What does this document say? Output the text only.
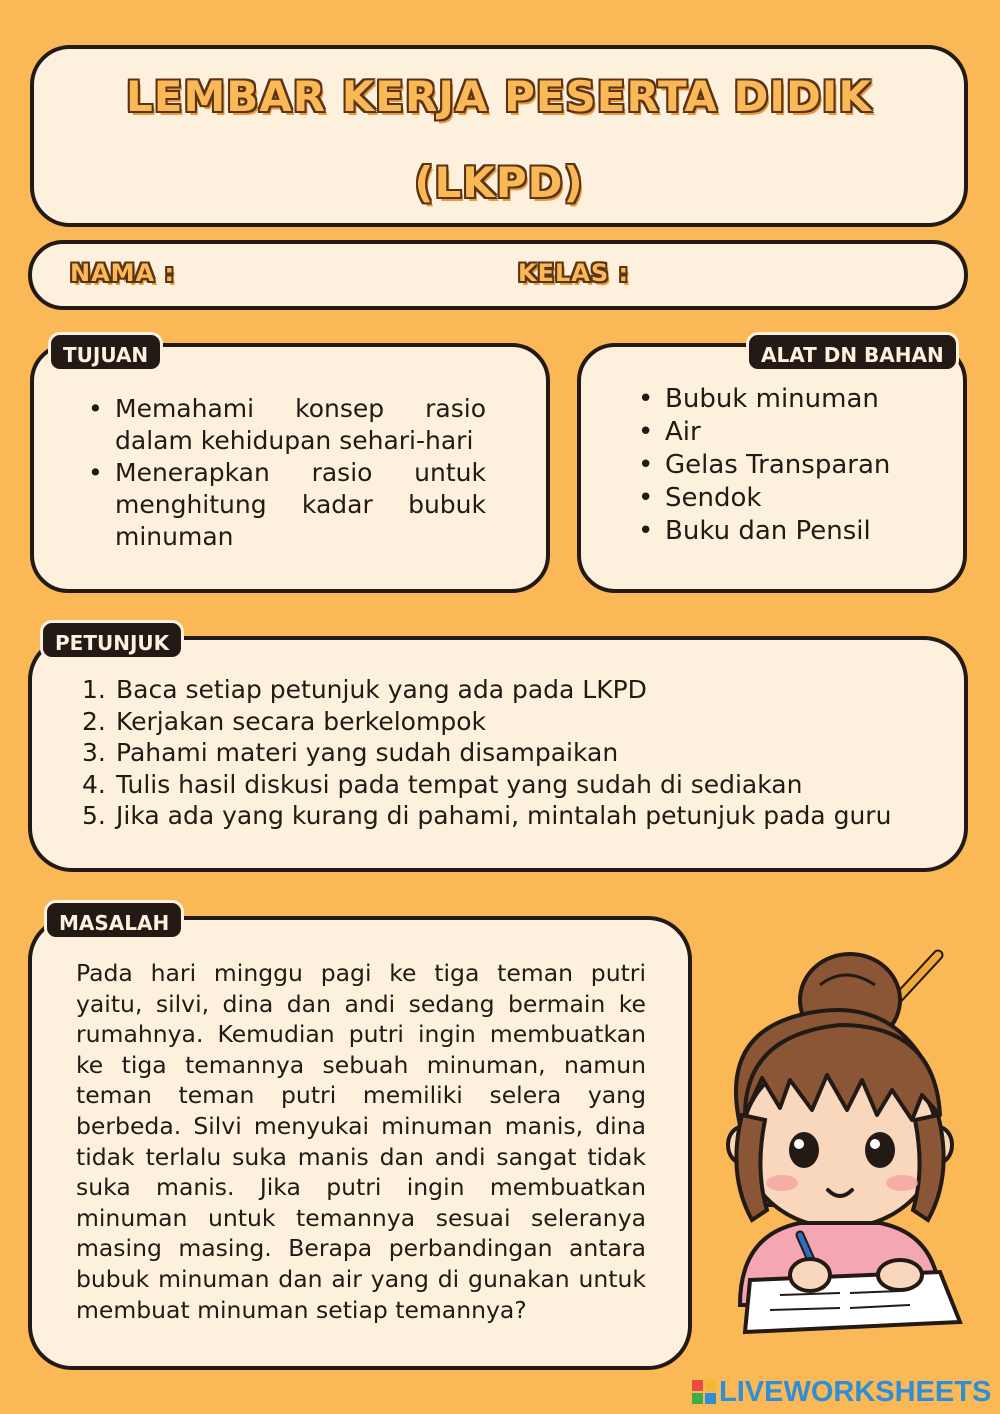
LEMBAR KERJA PESERTA DIDIK
(LKPD)
NAMA :	KELAS :
TUJUAN
• Memahami konsep rasio dalam kehidupan sehari-hari
• Menerapkan rasio untuk menghitung kadar bubuk minuman
ALAT DN BAHAN
• Bubuk minuman
• Air
• Gelas Transparan
• Sendok
• Buku dan Pensil
PETUNJUK
1. Baca setiap petunjuk yang ada pada LKPD
2. Kerjakan secara berkelompok
3. Pahami materi yang sudah disampaikan
4. Tulis hasil diskusi pada tempat yang sudah di sediakan
5. Jika ada yang kurang di pahami, mintalah petunjuk pada guru
MASALAH
Pada hari minggu pagi ke tiga teman putri yaitu, silvi, dina dan andi sedang bermain ke rumahnya. Kemudian putri ingin membuatkan ke tiga temannya sebuah minuman, namun teman teman putri memiliki selera yang berbeda. Silvi menyukai minuman manis, dina tidak terlalu suka manis dan andi sangat tidak suka manis. Jika putri ingin membuatkan minuman untuk temannya sesuai seleranya masing masing. Berapa perbandingan antara bubuk minuman dan air yang di gunakan untuk membuat minuman setiap temannya?
LIVEWORKSHEETS
